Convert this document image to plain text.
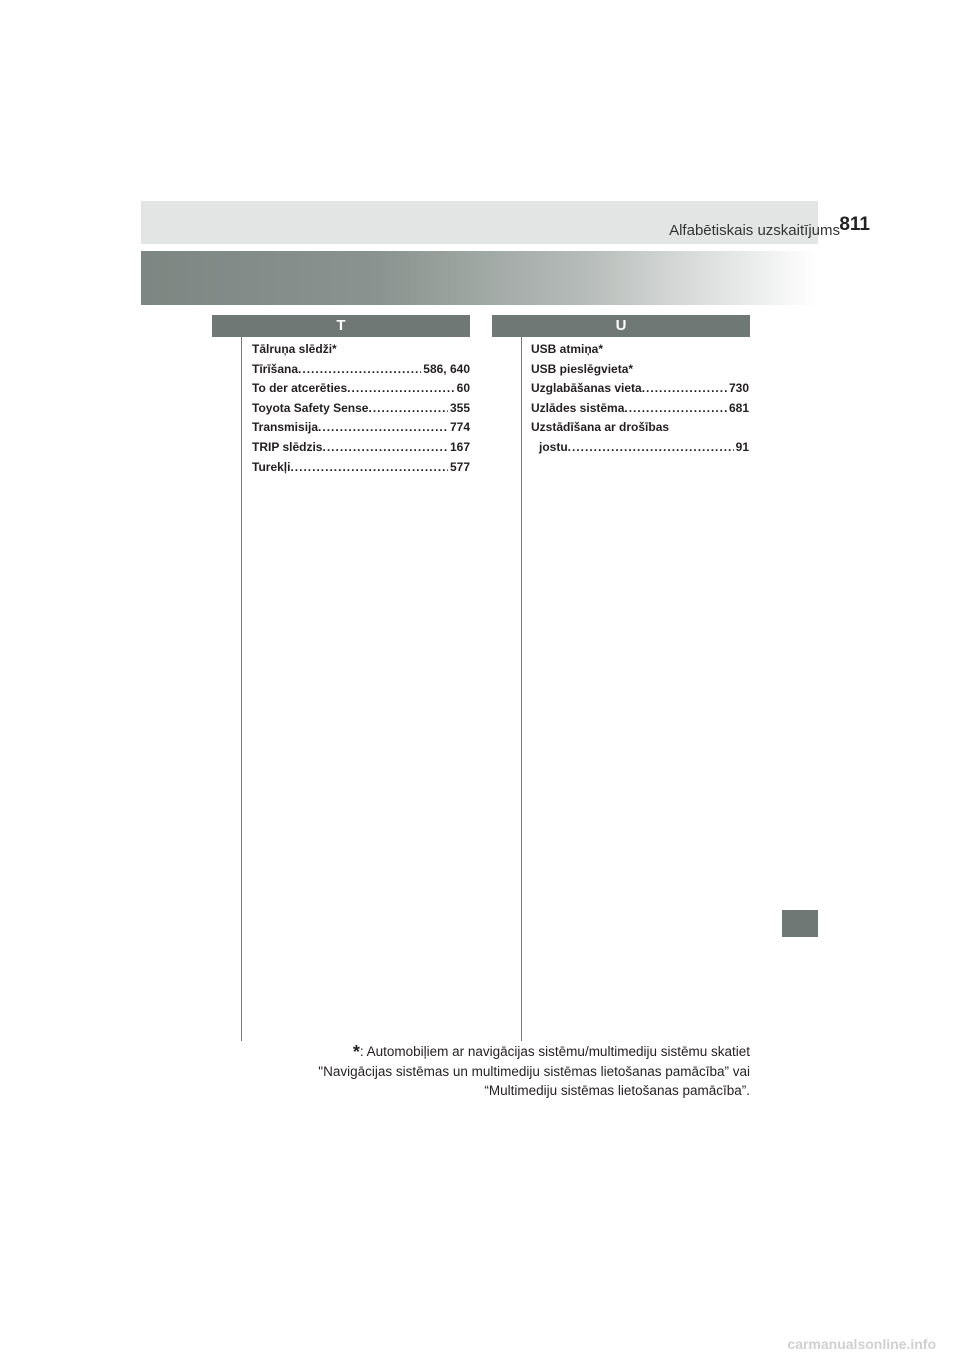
Alfabētiskais uzskaitījums 811
T	U
Tālruņa slēdži*
Tīrīšana .....	586, 640
To der atcerēties .....	60
Toyota Safety Sense .....	355
Transmisija .....	774
TRIP slēdzis .....	167
Turekļi .....	577
USB atmiņa*
USB pieslēgvieta*
Uzglabāšanas vieta .....	730
Uzlādes sistēma .....	681
Uzstādīšana ar drošības
jostu .....	91
*: Automobiļiem ar navigācijas sistēmu/multimediju sistēmu skatiet
"Navigācijas sistēmas un multimediju sistēmas lietošanas pamācība” vai
“Multimediju sistēmas lietošanas pamācība”.
carmanualsonline.info
